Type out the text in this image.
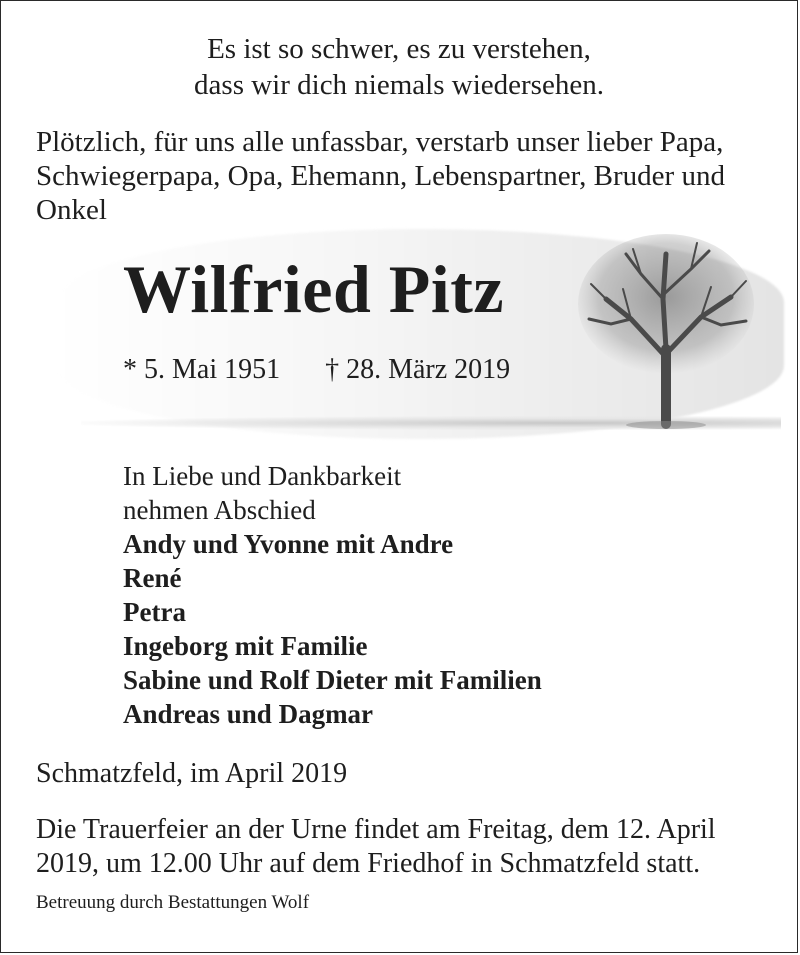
Es ist so schwer, es zu verstehen,
dass wir dich niemals wiedersehen.
Plötzlich, für uns alle unfassbar, verstarb unser lieber Papa, Schwiegerpapa, Opa, Ehemann, Lebenspartner, Bruder und Onkel
Wilfried Pitz
* 5. Mai 1951 † 28. März 2019
In Liebe und Dankbarkeit
nehmen Abschied
Andy und Yvonne mit Andre
René
Petra
Ingeborg mit Familie
Sabine und Rolf Dieter mit Familien
Andreas und Dagmar
Schmatzfeld, im April 2019
Die Trauerfeier an der Urne findet am Freitag, dem 12. April 2019, um 12.00 Uhr auf dem Friedhof in Schmatzfeld statt.
Betreuung durch Bestattungen Wolf
